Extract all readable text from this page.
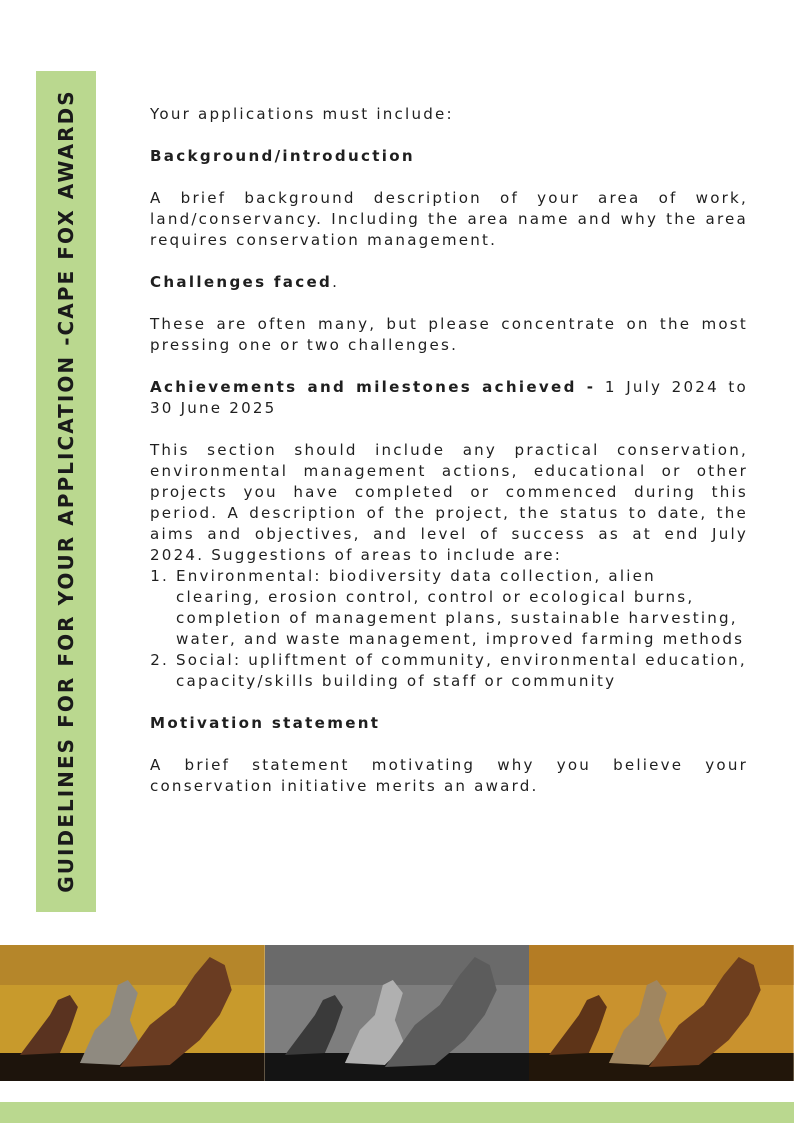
GUIDELINES FOR FOR YOUR APPLICATION -CAPE FOX AWARDS	Your applications must include:

Background/introduction

A brief background description of your area of work, land/conservancy. Including the area name and why the area requires conservation management.

Challenges faced.

These are often many, but please concentrate on the most pressing one or two challenges.

Achievements and milestones achieved - 1 July 2024 to 30 June 2025

This section should include any practical conservation, environmental management actions, educational or other projects you have completed or commenced during this period. A description of the project, the status to date, the aims and objectives, and level of success as at end July 2024. Suggestions of areas to include are:

1. Environmental: biodiversity data collection, alien clearing, erosion control, control or ecological burns, completion of management plans, sustainable harvesting, water, and waste management, improved farming methods
2. Social: upliftment of community, environmental education, capacity/skills building of staff or community

Motivation statement

A brief statement motivating why you believe your conservation initiative merits an award.
